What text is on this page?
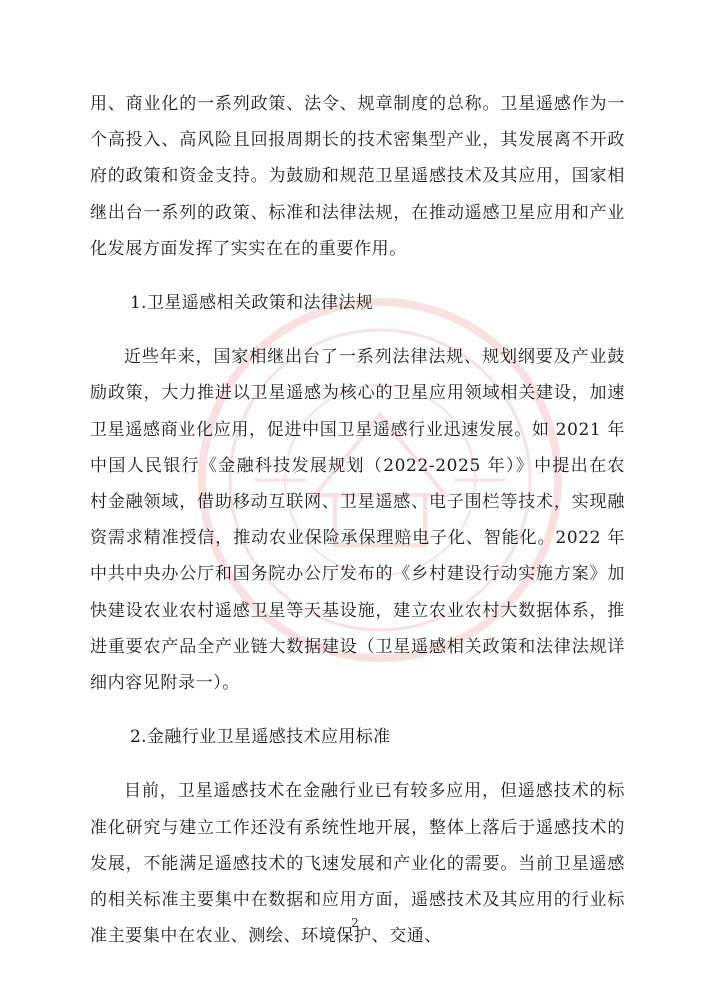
用、商业化的一系列政策、法令、规章制度的总称。卫星遥感作为一个高投入、高风险且回报周期长的技术密集型产业，其发展离不开政府的政策和资金支持。为鼓励和规范卫星遥感技术及其应用，国家相继出台一系列的政策、标准和法律法规，在推动遥感卫星应用和产业化发展方面发挥了实实在在的重要作用。

1.卫星遥感相关政策和法律法规

近些年来，国家相继出台了一系列法律法规、规划纲要及产业鼓励政策，大力推进以卫星遥感为核心的卫星应用领域相关建设，加速卫星遥感商业化应用，促进中国卫星遥感行业迅速发展。如 2021 年中国人民银行《金融科技发展规划（2022-2025 年）》中提出在农村金融领域，借助移动互联网、卫星遥感、电子围栏等技术，实现融资需求精准授信，推动农业保险承保理赔电子化、智能化。2022 年中共中央办公厅和国务院办公厅发布的《乡村建设行动实施方案》加快建设农业农村遥感卫星等天基设施，建立农业农村大数据体系，推进重要农产品全产业链大数据建设（卫星遥感相关政策和法律法规详细内容见附录一）。

2.金融行业卫星遥感技术应用标准

目前，卫星遥感技术在金融行业已有较多应用，但遥感技术的标准化研究与建立工作还没有系统性地开展，整体上落后于遥感技术的发展，不能满足遥感技术的飞速发展和产业化的需要。当前卫星遥感的相关标准主要集中在数据和应用方面，遥感技术及其应用的行业标准主要集中在农业、测绘、环境保护、交通、

2
